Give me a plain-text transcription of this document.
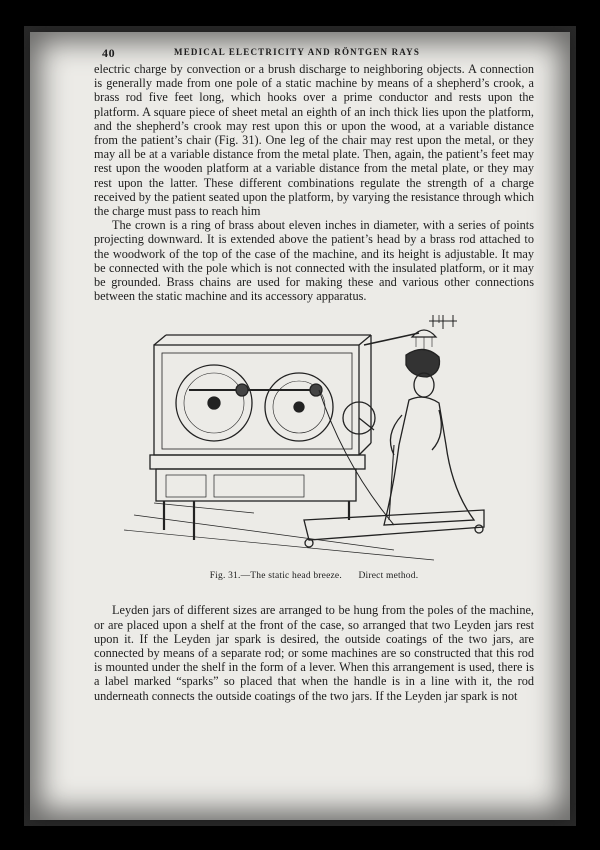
40	MEDICAL ELECTRICITY AND RÖNTGEN RAYS

electric charge by convection or a brush discharge to neighboring objects. A connection is generally made from one pole of a static machine by means of a shepherd’s crook, a brass rod five feet long, which hooks over a prime conductor and rests upon the platform. A square piece of sheet metal an eighth of an inch thick lies upon the platform, and the shepherd’s crook may rest upon this or upon the wood, at a variable distance from the patient’s chair (Fig. 31). One leg of the chair may rest upon the metal, or they may all be at a variable distance from the metal plate. Then, again, the patient’s feet may rest upon the wooden platform at a variable distance from the metal plate, or they may rest upon the latter. These different combinations regulate the strength of a charge received by the patient seated upon the platform, by varying the resistance through which the charge must pass to reach him

The crown is a ring of brass about eleven inches in diameter, with a series of points projecting downward. It is extended above the patient’s head by a brass rod attached to the woodwork of the top of the case of the machine, and its height is adjustable. It may be connected with the pole which is not connected with the insulated platform, or it may be grounded. Brass chains are used for making these and various other connections between the static machine and its accessory apparatus.

Fig. 31.—The static head breeze. Direct method.

Leyden jars of different sizes are arranged to be hung from the poles of the machine, or are placed upon a shelf at the front of the case, so arranged that two Leyden jars rest upon it. If the Leyden jar spark is desired, the outside coatings of the two jars, are connected by means of a separate rod; or some machines are so constructed that this rod is mounted under the shelf in the form of a lever. When this arrangement is used, there is a label marked “sparks” so placed that when the handle is in a line with it, the rod underneath connects the outside coatings of the two jars. If the Leyden jar spark is not
